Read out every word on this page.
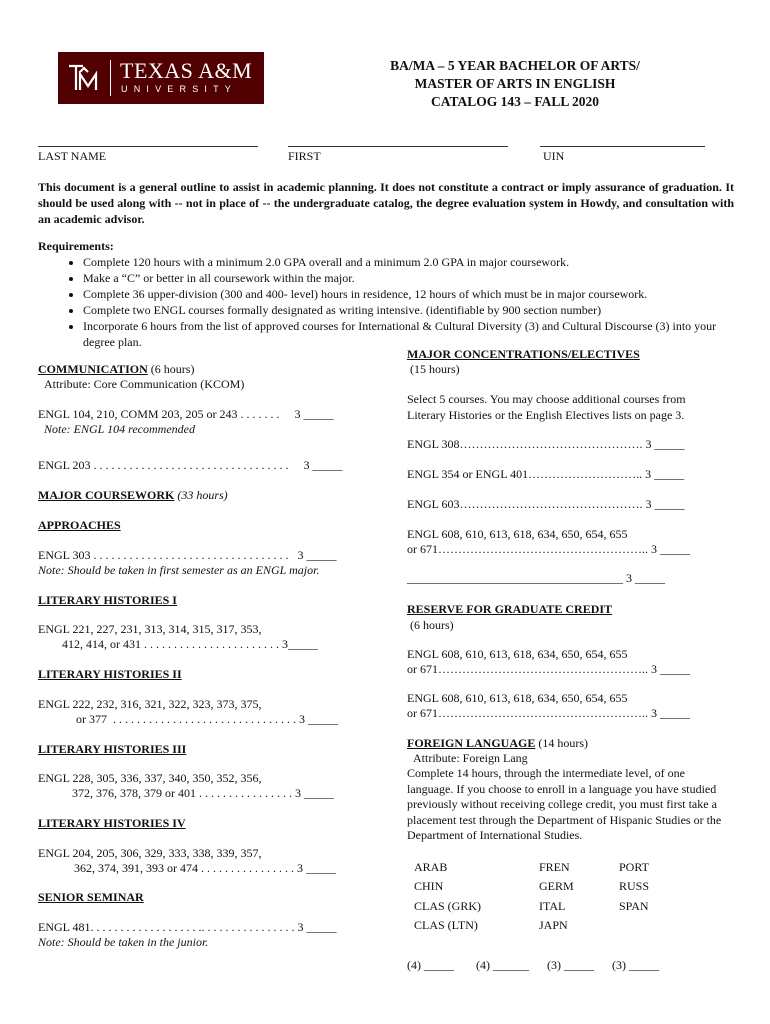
TEXAS A&M
UNIVERSITY
BA/MA – 5 YEAR BACHELOR OF ARTS/
MASTER OF ARTS IN ENGLISH
CATALOG 143 – FALL 2020
LAST NAME	FIRST	UIN
This document is a general outline to assist in academic planning. It does not constitute a contract or imply assurance of graduation. It should be used along with -- not in place of -- the undergraduate catalog, the degree evaluation system in Howdy, and consultation with an academic advisor.
Requirements:
• Complete 120 hours with a minimum 2.0 GPA overall and a minimum 2.0 GPA in major coursework.
• Make a “C” or better in all coursework within the major.
• Complete 36 upper-division (300 and 400- level) hours in residence, 12 hours of which must be in major coursework.
• Complete two ENGL courses formally designated as writing intensive. (identifiable by 900 section number)
• Incorporate 6 hours from the list of approved courses for International & Cultural Diversity (3) and Cultural Discourse (3) into your degree plan.
COMMUNICATION (6 hours)
Attribute: Core Communication (KCOM)
ENGL 104, 210, COMM 203, 205 or 243 . . . . . . .     3 _____
Note: ENGL 104 recommended
ENGL 203 . . . . . . . . . . . . . . . . . . . . . . . . . . . . . . . . .     3 _____
MAJOR COURSEWORK (33 hours)
APPROACHES
ENGL 303 . . . . . . . . . . . . . . . . . . . . . . . . . . . . . . . . .   3 _____
Note: Should be taken in first semester as an ENGL major.
LITERARY HISTORIES I
ENGL 221, 227, 231, 313, 314, 315, 317, 353,
412, 414, or 431 . . . . . . . . . . . . . . . . . . . . . . . 3_____
LITERARY HISTORIES II
ENGL 222, 232, 316, 321, 322, 323, 373, 375,
or 377  . . . . . . . . . . . . . . . . . . . . . . . . . . . . . . . 3 _____
LITERARY HISTORIES III
ENGL 228, 305, 336, 337, 340, 350, 352, 356,
372, 376, 378, 379 or 401 . . . . . . . . . . . . . . . . 3 _____
LITERARY HISTORIES IV
ENGL 204, 205, 306, 329, 333, 338, 339, 357,
362, 374, 391, 393 or 474 . . . . . . . . . . . . . . . . 3 _____
SENIOR SEMINAR
ENGL 481. . . . . . . . . . . . . . . . . . .. . . . . . . . . . . . . . . . 3 _____
Note: Should be taken in the junior.
MAJOR CONCENTRATIONS/ELECTIVES
(15 hours)
Select 5 courses. You may choose additional courses from Literary Histories or the English Electives lists on page 3.
ENGL 308………………………………………. 3 _____
ENGL 354 or ENGL 401……………………….. 3 _____
ENGL 603………………………………………. 3 _____
ENGL 608, 610, 613, 618, 634, 650, 654, 655
or 671…………………………………………….. 3 _____
____________________________________ 3 _____
RESERVE FOR GRADUATE CREDIT
(6 hours)
ENGL 608, 610, 613, 618, 634, 650, 654, 655
or 671…………………………………………….. 3 _____
ENGL 608, 610, 613, 618, 634, 650, 654, 655
or 671…………………………………………….. 3 _____
FOREIGN LANGUAGE (14 hours)
Attribute: Foreign Lang
Complete 14 hours, through the intermediate level, of one language. If you choose to enroll in a language you have studied previously without receiving college credit, you must first take a placement test through the Department of Hispanic Studies or the Department of International Studies.
ARAB	FREN	PORT
CHIN	GERM	RUSS
CLAS (GRK)	ITAL	SPAN
CLAS (LTN)	JAPN
(4) _____ (4) ______ (3) _____ (3) _____
